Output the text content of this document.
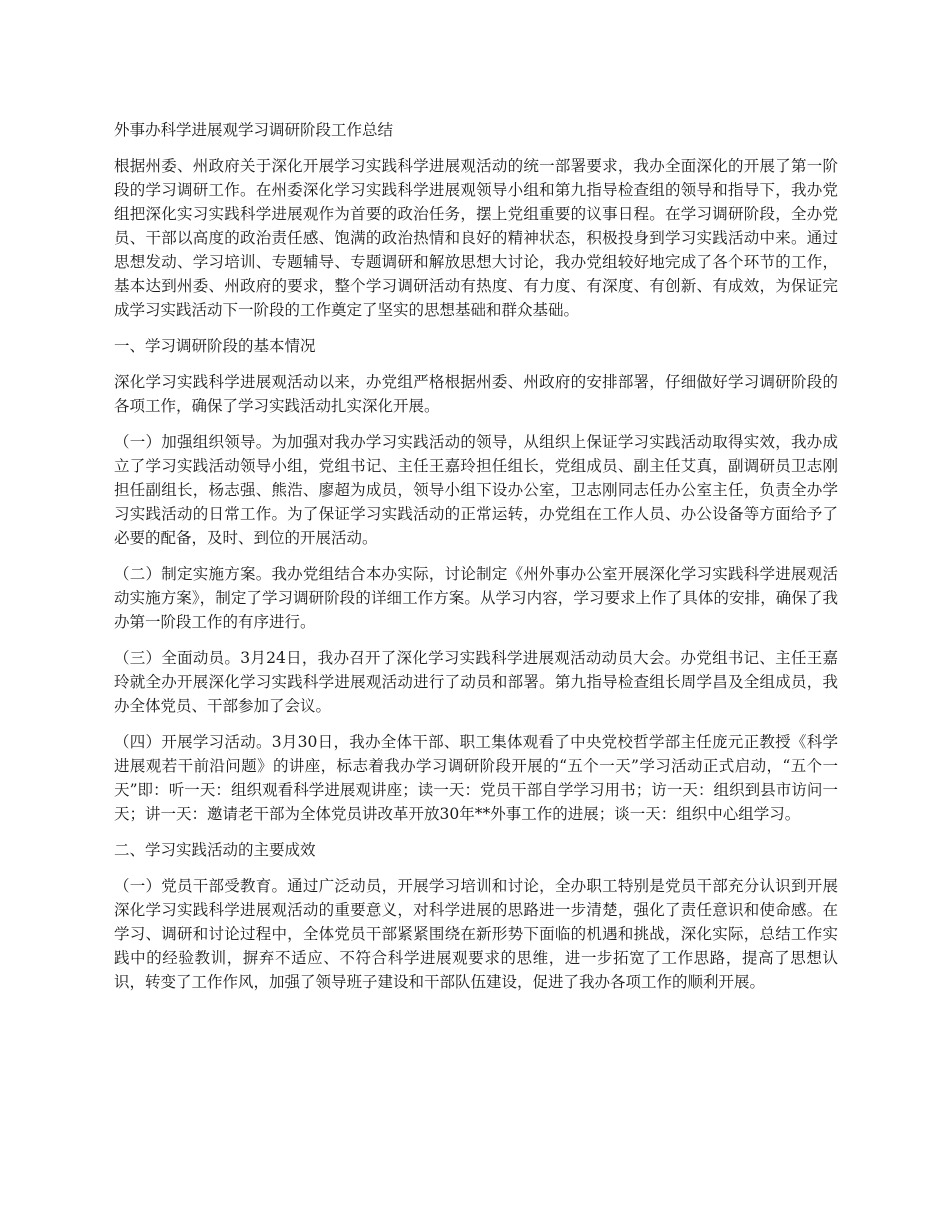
外事办科学进展观学习调研阶段工作总结

根据州委、州政府关于深化开展学习实践科学进展观活动的统一部署要求，我办全面深化的开展了第一阶段的学习调研工作。在州委深化学习实践科学进展观领导小组和第九指导检查组的领导和指导下，我办党组把深化实习实践科学进展观作为首要的政治任务，摆上党组重要的议事日程。在学习调研阶段，全办党员、干部以高度的政治责任感、饱满的政治热情和良好的精神状态，积极投身到学习实践活动中来。通过思想发动、学习培训、专题辅导、专题调研和解放思想大讨论，我办党组较好地完成了各个环节的工作，基本达到州委、州政府的要求，整个学习调研活动有热度、有力度、有深度、有创新、有成效，为保证完成学习实践活动下一阶段的工作奠定了坚实的思想基础和群众基础。

一、学习调研阶段的基本情况

深化学习实践科学进展观活动以来，办党组严格根据州委、州政府的安排部署，仔细做好学习调研阶段的各项工作，确保了学习实践活动扎实深化开展。

（一）加强组织领导。为加强对我办学习实践活动的领导，从组织上保证学习实践活动取得实效，我办成立了学习实践活动领导小组，党组书记、主任王嘉玲担任组长，党组成员、副主任艾真，副调研员卫志刚担任副组长，杨志强、熊浩、廖超为成员，领导小组下设办公室，卫志刚同志任办公室主任，负责全办学习实践活动的日常工作。为了保证学习实践活动的正常运转，办党组在工作人员、办公设备等方面给予了必要的配备，及时、到位的开展活动。

（二）制定实施方案。我办党组结合本办实际，讨论制定《州外事办公室开展深化学习实践科学进展观活动实施方案》，制定了学习调研阶段的详细工作方案。从学习内容，学习要求上作了具体的安排，确保了我办第一阶段工作的有序进行。

（三）全面动员。3月24日，我办召开了深化学习实践科学进展观活动动员大会。办党组书记、主任王嘉玲就全办开展深化学习实践科学进展观活动进行了动员和部署。第九指导检查组长周学昌及全组成员，我办全体党员、干部参加了会议。

（四）开展学习活动。3月30日，我办全体干部、职工集体观看了中央党校哲学部主任庞元正教授《科学进展观若干前沿问题》的讲座，标志着我办学习调研阶段开展的“五个一天”学习活动正式启动，“五个一天”即：听一天：组织观看科学进展观讲座；读一天：党员干部自学学习用书；访一天：组织到县市访问一天；讲一天：邀请老干部为全体党员讲改革开放30年**外事工作的进展；谈一天：组织中心组学习。

二、学习实践活动的主要成效

（一）党员干部受教育。通过广泛动员，开展学习培训和讨论，全办职工特别是党员干部充分认识到开展深化学习实践科学进展观活动的重要意义，对科学进展的思路进一步清楚，强化了责任意识和使命感。在学习、调研和讨论过程中，全体党员干部紧紧围绕在新形势下面临的机遇和挑战，深化实际，总结工作实践中的经验教训，摒弃不适应、不符合科学进展观要求的思维，进一步拓宽了工作思路，提高了思想认识，转变了工作作风，加强了领导班子建设和干部队伍建设，促进了我办各项工作的顺利开展。
